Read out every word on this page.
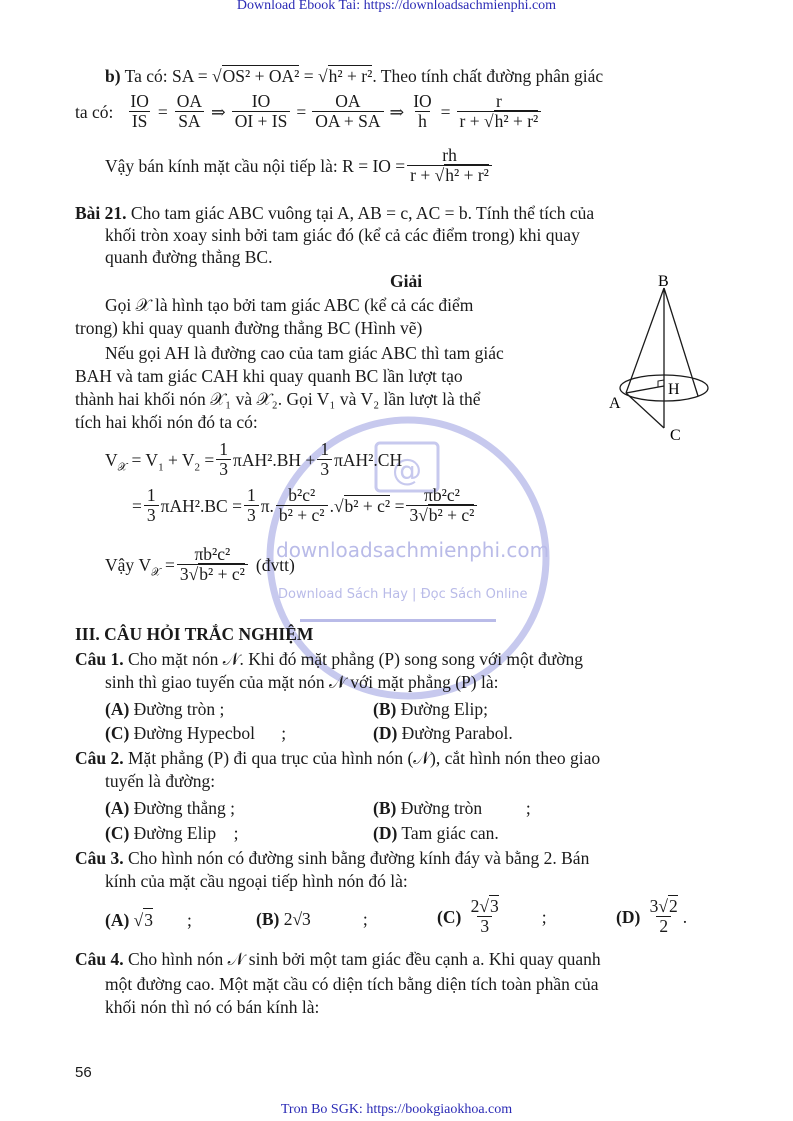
Download Ebook Tai: https://downloadsachmienphi.com
@
downloadsachmienphi.com
Download Sách Hay | Đọc Sách Online
b) Ta có: SA = √OS² + OA² = √h² + r². Theo tính chất đường phân giác
ta có: $\frac{IO}{IS} = \frac{OA}{SA}$ ⇒ $\frac{IO}{OI + IS} = \frac{OA}{OA + SA}$ ⇒ $\frac{IO}{h} = \frac{r}{\text{r + √h² + r²}}$
Vậy bán kính mặt cầu nội tiếp là: R = IO = $\frac{rh}{\text{r + √h² + r²}}$
Bài 21. Cho tam giác ABC vuông tại A, AB = c, AC = b. Tính thể tích của
khối tròn xoay sinh bởi tam giác đó (kể cả các điểm trong) khi quay
quanh đường thẳng BC.
Giải
Gọi 𝒳 là hình tạo bởi tam giác ABC (kể cả các điểm
trong) khi quay quanh đường thẳng BC (Hình vẽ)
Nếu gọi AH là đường cao của tam giác ABC thì tam giác
BAH và tam giác CAH khi quay quanh BC lần lượt tạo
thành hai khối nón 𝒳₁ và 𝒳₂. Gọi V₁ và V₂ lần lượt là thể
tích hai khối nón đó ta có:
B
H
A
C
$V_𝒳 = V_1 + V_2 = \frac{1}{3} \pi AH^2.BH + \frac{1}{3} \pi AH^2.CH$
= $\frac{1}{3} \pi AH^2.BC = \frac{1}{3} \pi$. $\frac{\text{b²c²}}{\text{b² + c²}} .√b^2 + c^2 = \frac{\text{πb²c²}}{\text{3√b² + c²}}$
Vậy $V_𝒳 = \frac{\text{πb²c²}}{\text{3√b² + c²}}$ (đvtt)
III. CÂU HỎI TRẮC NGHIỆM
Câu 1. Cho mặt nón 𝒩. Khi đó mặt phẳng (P) song song với một đường
sinh thì giao tuyến của mặt nón 𝒩 với mặt phẳng (P) là:
(A) Đường tròn ;	(B) Đường Elip;
(C) Đường Hypecbol      ;	(D) Đường Parabol.
Câu 2. Mặt phẳng (P) đi qua trục của hình nón (𝒩), cắt hình nón theo giao
tuyến là đường:
(A) Đường thẳng ;	(B) Đường tròn          ;
(C) Đường Elip    ;	(D) Tam giác can.
Câu 3. Cho hình nón có đường sinh bằng đường kính đáy và bằng 2. Bán
kính của mặt cầu ngoại tiếp hình nón đó là:
(A) √ 3 ;	(B)
2√3	;	(C)
$\frac{2√3}{3}$ ;	(D)
$\frac{3√2}{2}$ .
Câu 4. Cho hình nón 𝒩 sinh bởi một tam giác đều cạnh a. Khi quay quanh
một đường cao. Một mặt cầu có diện tích bằng diện tích toàn phần của
khối nón thì nó có bán kính là:
56
Tron Bo SGK: https://bookgiaokhoa.com
